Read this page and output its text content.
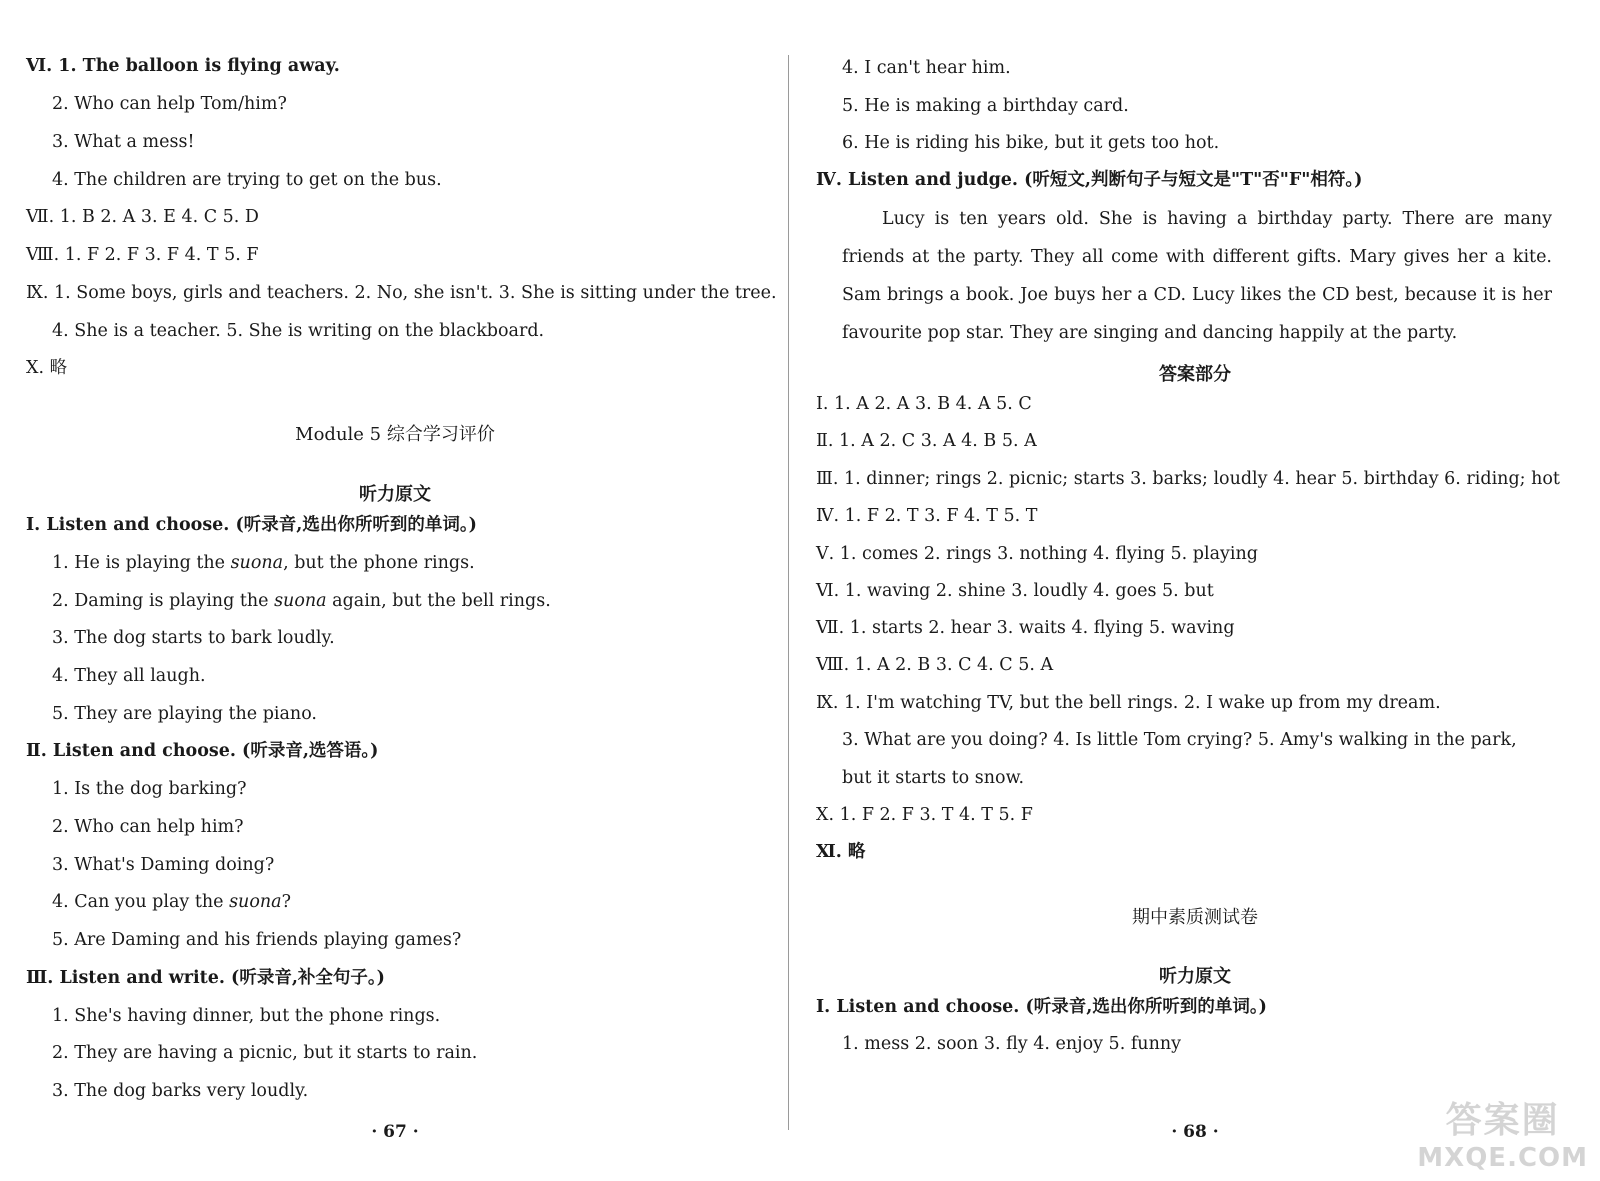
Ⅵ. 1. The balloon is flying away.
2. Who can help Tom/him?
3. What a mess!
4. The children are trying to get on the bus.
Ⅶ. 1. B 2. A 3. E 4. C 5. D
Ⅷ. 1. F 2. F 3. F 4. T 5. F
Ⅸ. 1. Some boys, girls and teachers. 2. No, she isn't. 3. She is sitting under the tree.
4. She is a teacher. 5. She is writing on the blackboard.
Ⅹ. 略
Module 5 综合学习评价
听力原文
Ⅰ. Listen and choose. (听录音,选出你所听到的单词。)
1. He is playing the suona, but the phone rings.
2. Daming is playing the suona again, but the bell rings.
3. The dog starts to bark loudly.
4. They all laugh.
5. They are playing the piano.
Ⅱ. Listen and choose. (听录音,选答语。)
1. Is the dog barking?
2. Who can help him?
3. What's Daming doing?
4. Can you play the suona?
5. Are Daming and his friends playing games?
Ⅲ. Listen and write. (听录音,补全句子。)
1. She's having dinner, but the phone rings.
2. They are having a picnic, but it starts to rain.
3. The dog barks very loudly.
· 67 ·
4. I can't hear him.
5. He is making a birthday card.
6. He is riding his bike, but it gets too hot.
Ⅳ. Listen and judge. (听短文,判断句子与短文是"T"否"F"相符。)
Lucy is ten years old. She is having a birthday party. There are many friends at the party. They all come with different gifts. Mary gives her a kite. Sam brings a book. Joe buys her a CD. Lucy likes the CD best, because it is her favourite pop star. They are singing and dancing happily at the party.
答案部分
Ⅰ. 1. A 2. A 3. B 4. A 5. C
Ⅱ. 1. A 2. C 3. A 4. B 5. A
Ⅲ. 1. dinner; rings 2. picnic; starts 3. barks; loudly 4. hear 5. birthday 6. riding; hot
Ⅳ. 1. F 2. T 3. F 4. T 5. T
Ⅴ. 1. comes 2. rings 3. nothing 4. flying 5. playing
Ⅵ. 1. waving 2. shine 3. loudly 4. goes 5. but
Ⅶ. 1. starts 2. hear 3. waits 4. flying 5. waving
Ⅷ. 1. A 2. B 3. C 4. C 5. A
Ⅸ. 1. I'm watching TV, but the bell rings. 2. I wake up from my dream.
3. What are you doing? 4. Is little Tom crying? 5. Amy's walking in the park,
but it starts to snow.
Ⅹ. 1. F 2. F 3. T 4. T 5. F
Ⅺ. 略
期中素质测试卷
听力原文
Ⅰ. Listen and choose. (听录音,选出你所听到的单词。)
1. mess 2. soon 3. fly 4. enjoy 5. funny
· 68 ·	答案圈
MXQE.COM
